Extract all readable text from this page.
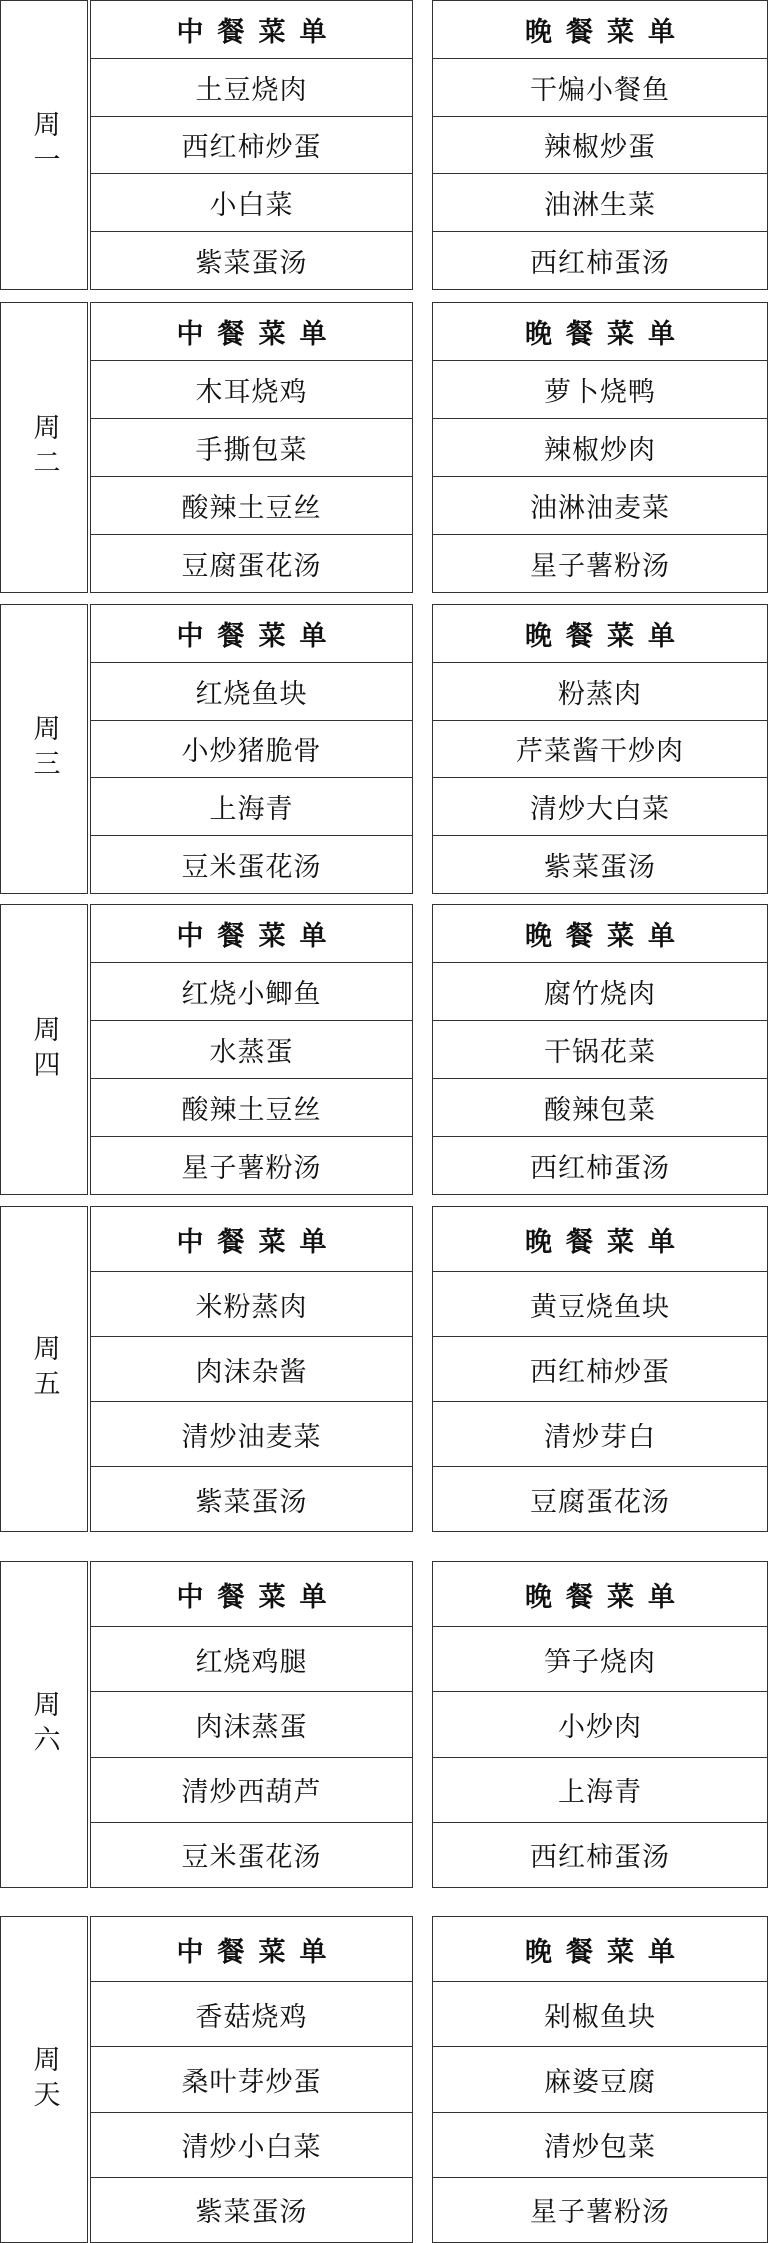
周一
中餐菜单
土豆烧肉
西红柿炒蛋
小白菜
紫菜蛋汤
晚餐菜单
干煸小餐鱼
辣椒炒蛋
油淋生菜
西红柿蛋汤
周二
中餐菜单
木耳烧鸡
手撕包菜
酸辣土豆丝
豆腐蛋花汤
晚餐菜单
萝卜烧鸭
辣椒炒肉
油淋油麦菜
星子薯粉汤
周三
中餐菜单
红烧鱼块
小炒猪脆骨
上海青
豆米蛋花汤
晚餐菜单
粉蒸肉
芹菜酱干炒肉
清炒大白菜
紫菜蛋汤
周四
中餐菜单
红烧小鲫鱼
水蒸蛋
酸辣土豆丝
星子薯粉汤
晚餐菜单
腐竹烧肉
干锅花菜
酸辣包菜
西红柿蛋汤
周五
中餐菜单
米粉蒸肉
肉沫杂酱
清炒油麦菜
紫菜蛋汤
晚餐菜单
黄豆烧鱼块
西红柿炒蛋
清炒芽白
豆腐蛋花汤
周六
中餐菜单
红烧鸡腿
肉沫蒸蛋
清炒西葫芦
豆米蛋花汤
晚餐菜单
笋子烧肉
小炒肉
上海青
西红柿蛋汤
周天
中餐菜单
香菇烧鸡
桑叶芽炒蛋
清炒小白菜
紫菜蛋汤
晚餐菜单
剁椒鱼块
麻婆豆腐
清炒包菜
星子薯粉汤
